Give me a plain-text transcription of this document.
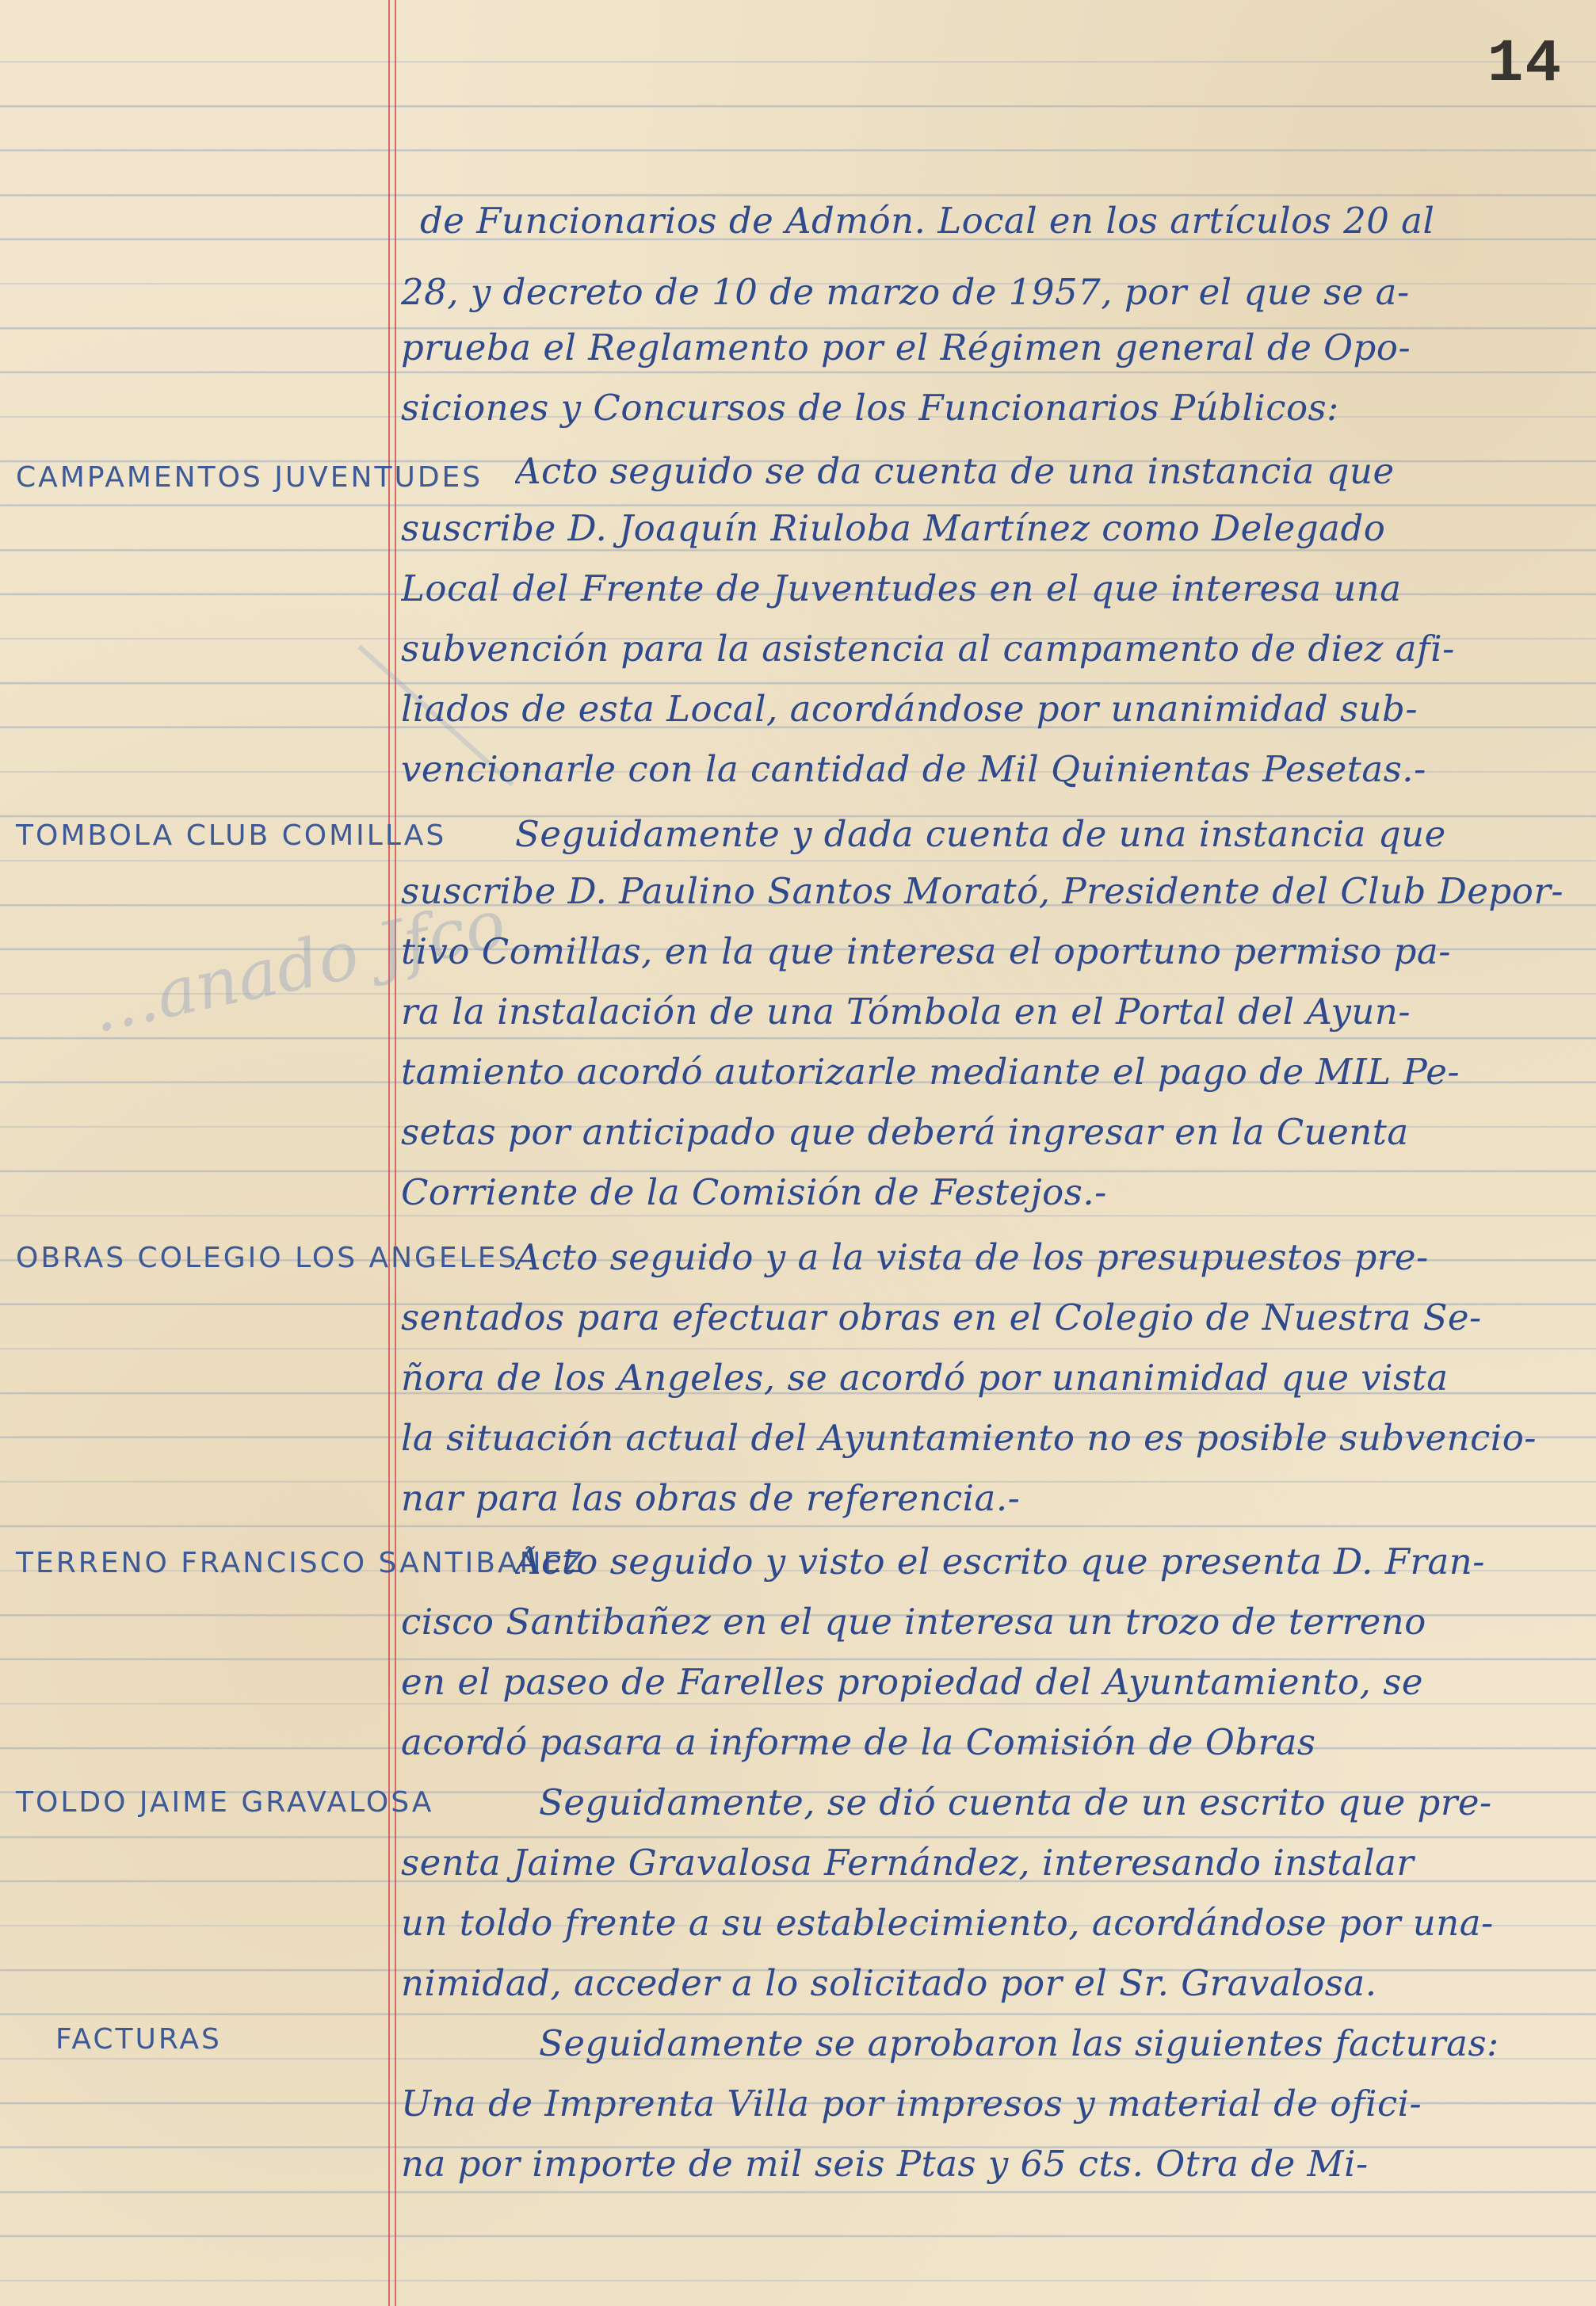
…anado Jfco
14
CAMPAMENTOS JUVENTUDES
TOMBOLA CLUB COMILLAS
OBRAS COLEGIO LOS ANGELES
TERRENO FRANCISCO SANTIBAÑEZ
TOLDO JAIME GRAVALOSA
FACTURAS
de Funcionarios de Admón. Local en los artículos 20 al
28, y decreto de 10 de marzo de 1957, por el que se a-
prueba el Reglamento por el Régimen general de Opo-
siciones y Concursos de los Funcionarios Públicos:
Acto seguido se da cuenta de una instancia que
suscribe D. Joaquín Riuloba Martínez como Delegado
Local del Frente de Juventudes en el que interesa una
subvención para la asistencia al campamento de diez afi-
liados de esta Local, acordándose por unanimidad sub-
vencionarle con la cantidad de Mil Quinientas Pesetas.-
Seguidamente y dada cuenta de una instancia que
suscribe D. Paulino Santos Morató, Presidente del Club Depor-
tivo Comillas, en la que interesa el oportuno permiso pa-
ra la instalación de una Tómbola en el Portal del Ayun-
tamiento acordó autorizarle mediante el pago de MIL Pe-
setas por anticipado que deberá ingresar en la Cuenta
Corriente de la Comisión de Festejos.-
Acto seguido y a la vista de los presupuestos pre-
sentados para efectuar obras en el Colegio de Nuestra Se-
ñora de los Angeles, se acordó por unanimidad que vista
la situación actual del Ayuntamiento no es posible subvencio-
nar para las obras de referencia.-
Acto seguido y visto el escrito que presenta D. Fran-
cisco Santibañez en el que interesa un trozo de terreno
en el paseo de Farelles propiedad del Ayuntamiento, se
acordó pasara a informe de la Comisión de Obras
Seguidamente, se dió cuenta de un escrito que pre-
senta Jaime Gravalosa Fernández, interesando instalar
un toldo frente a su establecimiento, acordándose por una-
nimidad, acceder a lo solicitado por el Sr. Gravalosa.
Seguidamente se aprobaron las siguientes facturas:
Una de Imprenta Villa por impresos y material de ofici-
na por importe de mil seis Ptas y 65 cts. Otra de Mi-
